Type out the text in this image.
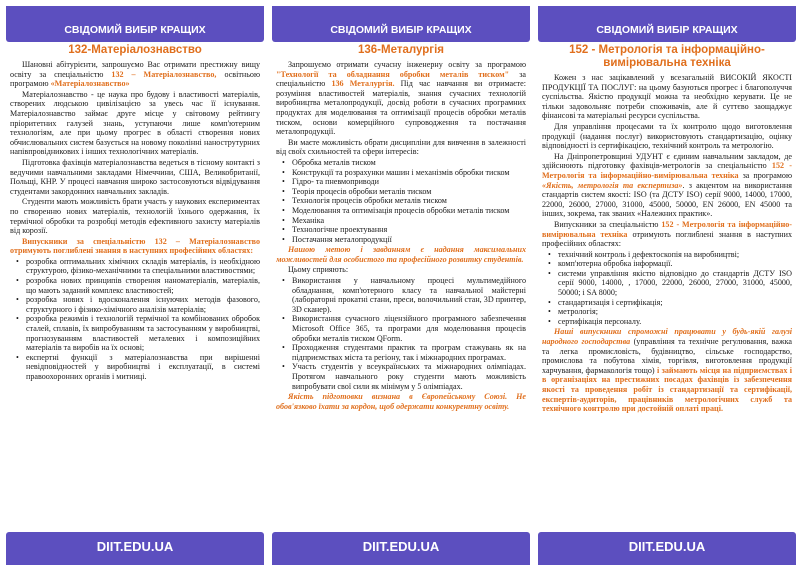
СВІДОМИЙ ВИБІР КРАЩИХ
132-Матеріалознавство

Шановні абітурієнти, запрошуємо Вас отримати престижну вищу освіту за спеціальністю 132 – Матеріалознавство, освітньою програмою «Матеріалознавство»

Матеріалознавство - це наука про будову і властивості матеріалів, створених людською цивілізацією за увесь час її існування. Матеріалознавство займає друге місце у світовому рейтингу пріоритетних галузей знань, уступаючи лише комп'ютерним технологіям, але при цьому прогрес в області створення нових обчислювальних систем базується на новому поколінні нанострутурних напівпровідникових і інших технологічних матеріалів.

Підготовка фахівців матеріалознавства ведеться в тісному контакті з ведучими навчальними закладами Німеччини, США, Великобританії, Польщі, КНР. У процесі навчання широко застосовуються відвідування студентами закордонних навчальних закладів.

Студенти мають можливість брати участь у наукових експериментах по створенню нових матеріалів, технологій їхнього одержання, їх термічної обробки та розробці методів ефективного захисту матеріалів від корозії.

Випускники за спеціальністю 132 – Матеріалознавство отримують поглиблені знання в наступних професійних областях:

• розробка оптимальних хімічних складів матеріалів, із необхідною структурою, фізико-механічними та спеціальними властивостями;
• розробка нових принципів створення наноматеріалів, матеріалів, що мають заданий комплекс властивостей;
• розробка нових і вдосконалення існуючих методів фазового, структурного і фізико-хімічного аналізів матеріалів;
• розробка режимів і технологій термічної та комбінованих обробок сталей, сплавів, їх випробуванням та застосуванням у виробництві, прогнозуванням властивостей металевих і композиційних матеріалів та виробів на їх основі;
• експертні функції з матеріалознавства при вирішенні невідповідностей у виробництві і експлуатації, в системі правоохоронних органів і митниці.
DIIT.EDU.UA
СВІДОМИЙ ВИБІР КРАЩИХ
136-Металургія

Запрошуємо отримати сучасну інженерну освіту за програмою "Технології та обладнання обробки металів тиском" за спеціальністю 136 Металургія. Під час навчання ви отримаєте: розуміння властивостей матеріалів, знання сучасних технологій виробництва металопродукції, досвід роботи в сучасних програмних продуктах для моделювання та оптимізації процесів обробки металів тиском, основи комерційного супроводження та постачання металопродукції.

Ви маєте можливість обрати дисципліни для вивчення в залежності від своїх схильностей та сфери інтересів:

• Обробка металів тиском
• Конструкції та розрахунки машин і механізмів обробки тиском
• Гідро- та пневмоприводи
• Теорія процесів обробки металів тиском
• Технологія процесів обробки металів тиском
• Моделювання та оптимізація процесів обробки металів тиском
• Механіка
• Технологічне проектування
• Постачання металопродукції

Нашою метою і завданням є надання максимальних можливостей для особистого та професійного розвитку студентів.

Цьому сприяють:

• Використання у навчальному процесі мультимедійного обладнання, комп'ютерного класу та навчальної майстерні (лабораторні прокатні стани, преси, волочильний стан, 3D принтер, 3D сканер).
• Використання сучасного ліцензійного програмного забезпечення Microsoft Office 365, та програми для моделювання процесів обробки металів тиском QForm.
• Проходження студентами практик та програм стажувань як на підприємствах міста та регіону, так і міжнародних програмах.
• Участь студентів у всеукраїнських та міжнародних олімпіадах. Протягом навчального року студенти мають можливість випробувати свої сили як мінімум у 5 олімпіадах.

Якість підготовки визнана в Європейському Союзі. Не обов'язково їхати за кордон, щоб одержати конкурентну освіту.

DIIT.EDU.UA
СВІДОМИЙ ВИБІР КРАЩИХ
152 - Метрологія та інформаційно-вимірювальна техніка

Кожен з нас зацікавлений у всезагальній ВИСОКІЙ ЯКОСТІ ПРОДУКЦІЇ ТА ПОСЛУГ: на цьому базуються прогрес і благополуччя суспільства. Якістю продукції можна та необхідно керувати. Це не тільки задовольняє потреби споживачів, але й суттєво заощаджує фінансові та матеріальні ресурси суспільства.

Для управління процесами та їх контролю щодо виготовлення продукції (надання послуг) використовують стандартизацію, оцінку відповідності із сертифікацією, технічний контроль та метрологію.

На Дніпропетровщині УДУНТ є єдиним навчальним закладом, де здійснюють підготовку фахівців-метрологів за спеціальністю 152 - Метрологія та інформаційно-вимірювальна техніка за програмою «Якість, метрологія та експертиза». з акцентом на використання стандартів систем якості: ISO (та ДСТУ ISO) серії 9000, 14000, 17000, 22000, 26000, 27000, 31000, 45000, 50000, EN 26000, EN 45000 та інших, зокрема, так званих «Належних практик».

Випускники за спеціальністю 152 - Метрологія та інформаційно-вимірювальна техніка отримують поглиблені знання в наступних професійних областях:

• технічний контроль і дефектоскопія на виробництві;
• комп'ютерна обробка інформації.
• системи управління якістю відповідно до стандартів ДСТУ ISO серії 9000, 14000, , 17000, 22000, 26000, 27000, 31000, 45000, 50000; і SA 8000;
• стандартизація і сертифікація;
• метрологія;
• сертифікація персоналу.

Наші випускники спроможні працювати у будь-якій галузі народного господарства (управління та технічне регулювання, важка та легка промисловість, будівництво, сільське господарство, промислова та побутова хімія, торгівля, виготовлення продукції харчування, фармакологія тощо) і займають місця на підприємствах і в організаціях на престижних посадах фахівців із забезпечення якості та проведення робіт із стандартизації та сертифікації, експертів-аудиторів, працівників метрологічних служб та технічного контролю при достойній оплаті праці.

DIIT.EDU.UA
